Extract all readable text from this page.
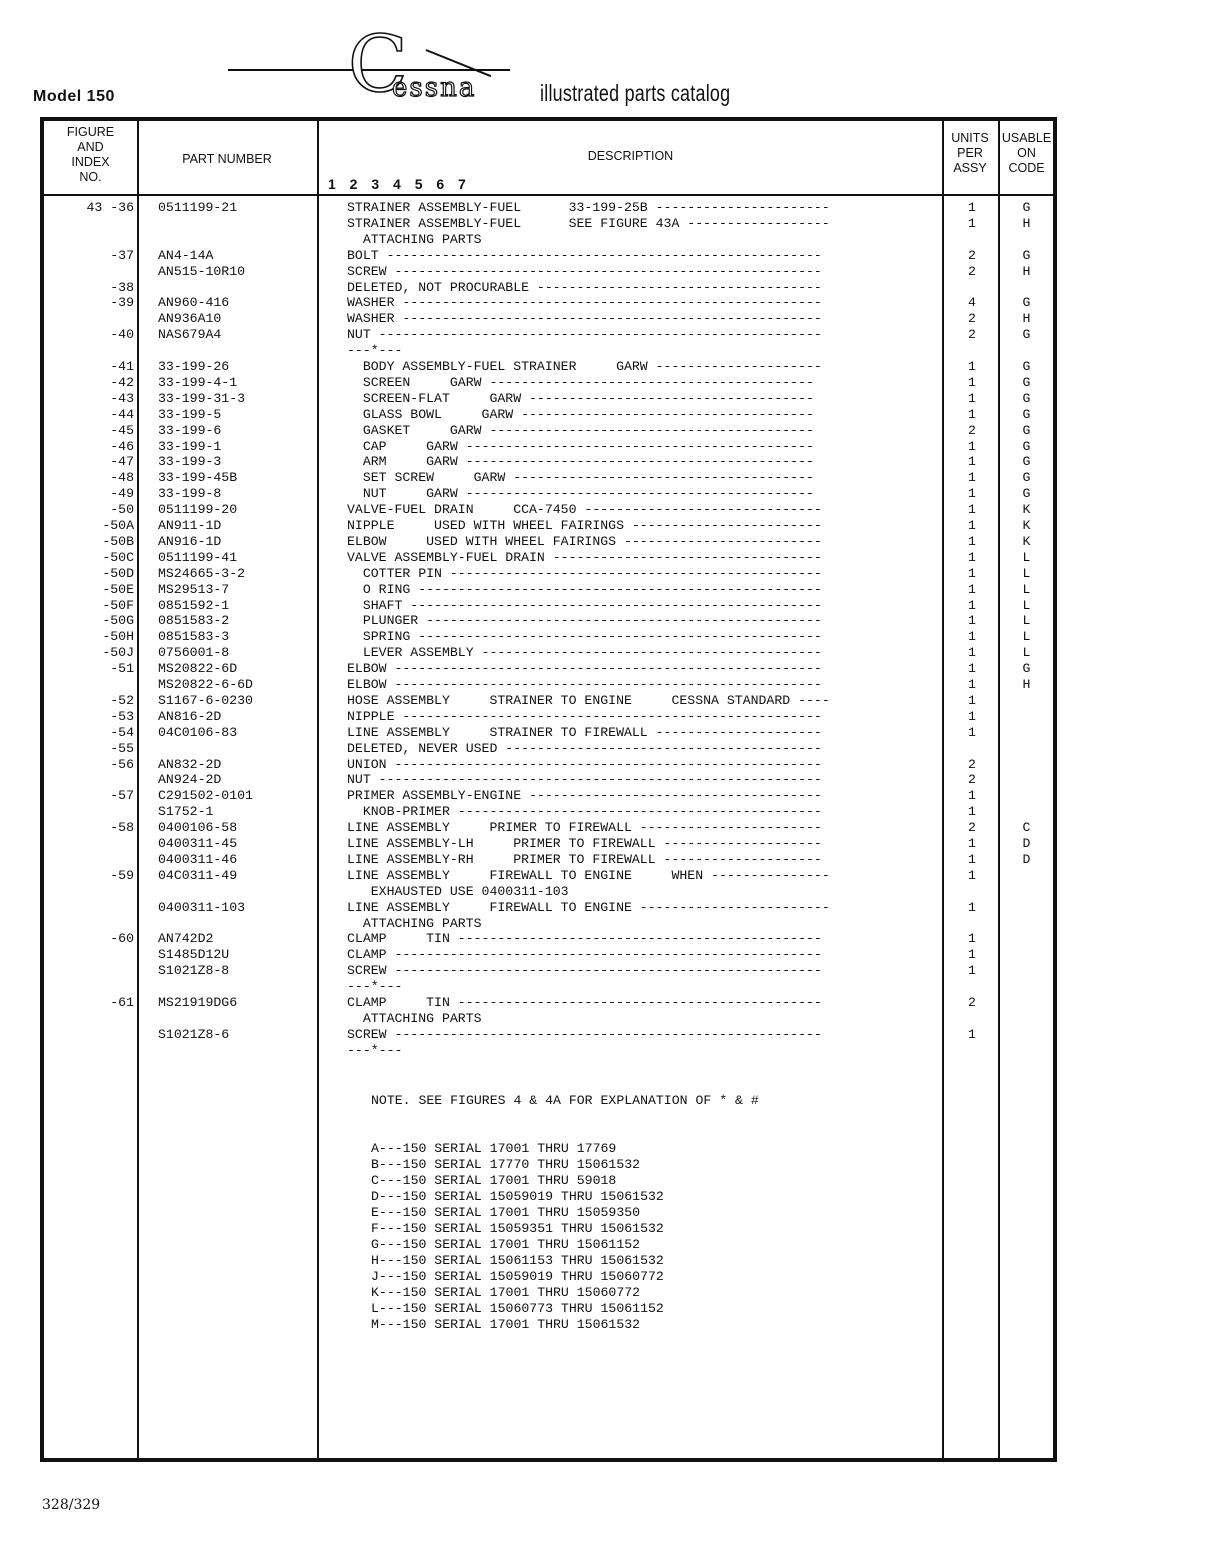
Model 150	C
essna	illustrated parts catalog
FIGURE
AND
INDEX
NO.
PART NUMBER	DESCRIPTION
1 2 3 4 5 6 7
UNITS
PER
ASSY
USABLE
ON
CODE
43 -36 0511199-21	STRAINER ASSEMBLY-FUEL      33-199-25B ----------------------	1	G
STRAINER ASSEMBLY-FUEL      SEE FIGURE 43A ------------------	1	H
ATTACHING PARTS
-37 AN4-14A	BOLT -------------------------------------------------------	2	G
AN515-10R10	SCREW ------------------------------------------------------	2	H
-38	DELETED, NOT PROCURABLE ------------------------------------
-39 AN960-416	WASHER -----------------------------------------------------	4	G
AN936A10	WASHER -----------------------------------------------------	2	H
-40 NAS679A4	NUT --------------------------------------------------------	2	G
---*---
-41 33-199-26	BODY ASSEMBLY-FUEL STRAINER     GARW ---------------------	1	G
-42 33-199-4-1	SCREEN     GARW -----------------------------------------	1	G
-43 33-199-31-3	SCREEN-FLAT     GARW ------------------------------------	1	G
-44 33-199-5	GLASS BOWL     GARW -------------------------------------	1	G
-45 33-199-6	GASKET     GARW -----------------------------------------	2	G
-46 33-199-1	CAP     GARW --------------------------------------------	1	G
-47 33-199-3	ARM     GARW --------------------------------------------	1	G
-48 33-199-45B	SET SCREW     GARW --------------------------------------	1	G
-49 33-199-8	NUT     GARW --------------------------------------------	1	G
-50 0511199-20	VALVE-FUEL DRAIN     CCA-7450 ------------------------------	1	K
-50A AN911-1D	NIPPLE     USED WITH WHEEL FAIRINGS ------------------------	1	K
-50B AN916-1D	ELBOW     USED WITH WHEEL FAIRINGS -------------------------	1	K
-50C 0511199-41	VALVE ASSEMBLY-FUEL DRAIN ----------------------------------	1	L
-50D MS24665-3-2	COTTER PIN -----------------------------------------------	1	L
-50E MS29513-7	O RING ---------------------------------------------------	1	L
-50F 0851592-1	SHAFT ----------------------------------------------------	1	L
-50G 0851583-2	PLUNGER --------------------------------------------------	1	L
-50H 0851583-3	SPRING ---------------------------------------------------	1	L
-50J 0756001-8	LEVER ASSEMBLY -------------------------------------------	1	L
-51 MS20822-6D	ELBOW ------------------------------------------------------	1	G
MS20822-6-6D	ELBOW ------------------------------------------------------	1	H
-52 S1167-6-0230	HOSE ASSEMBLY     STRAINER TO ENGINE     CESSNA STANDARD ----	1
-53 AN816-2D	NIPPLE -----------------------------------------------------	1
-54 04C0106-83	LINE ASSEMBLY     STRAINER TO FIREWALL ---------------------	1
-55	DELETED, NEVER USED ----------------------------------------
-56 AN832-2D	UNION ------------------------------------------------------	2
AN924-2D	NUT --------------------------------------------------------	2
-57 C291502-0101	PRIMER ASSEMBLY-ENGINE -------------------------------------	1
S1752-1	KNOB-PRIMER ----------------------------------------------	1
-58 0400106-58	LINE ASSEMBLY     PRIMER TO FIREWALL -----------------------	2	C
0400311-45	LINE ASSEMBLY-LH     PRIMER TO FIREWALL --------------------	1	D
0400311-46	LINE ASSEMBLY-RH     PRIMER TO FIREWALL --------------------	1	D
-59 04C0311-49	LINE ASSEMBLY     FIREWALL TO ENGINE     WHEN ---------------	1
EXHAUSTED USE 0400311-103
0400311-103	LINE ASSEMBLY     FIREWALL TO ENGINE ------------------------	1
ATTACHING PARTS
-60 AN742D2	CLAMP     TIN ----------------------------------------------	1
S1485D12U	CLAMP ------------------------------------------------------	1
S1021Z8-8	SCREW ------------------------------------------------------	1
---*---
-61 MS21919DG6	CLAMP     TIN ----------------------------------------------	2
ATTACHING PARTS
S1021Z8-6	SCREW ------------------------------------------------------	1
---*---
NOTE. SEE FIGURES 4 & 4A FOR EXPLANATION OF * & #
A---150 SERIAL 17001 THRU 17769
B---150 SERIAL 17770 THRU 15061532
C---150 SERIAL 17001 THRU 59018
D---150 SERIAL 15059019 THRU 15061532
E---150 SERIAL 17001 THRU 15059350
F---150 SERIAL 15059351 THRU 15061532
G---150 SERIAL 17001 THRU 15061152
H---150 SERIAL 15061153 THRU 15061532
J---150 SERIAL 15059019 THRU 15060772
K---150 SERIAL 17001 THRU 15060772
L---150 SERIAL 15060773 THRU 15061152
M---150 SERIAL 17001 THRU 15061532
328/329
